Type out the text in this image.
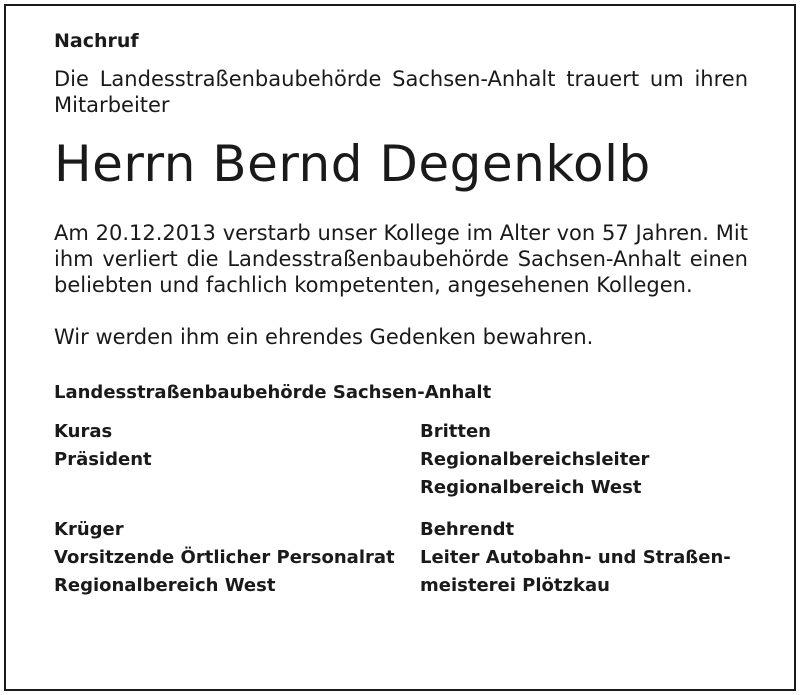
Nachruf

Die Landesstraßenbaubehörde Sachsen-Anhalt trauert um ihren Mitarbeiter

Herrn Bernd Degenkolb

Am 20.12.2013 verstarb unser Kollege im Alter von 57 Jahren. Mit ihm verliert die Landesstraßenbaubehörde Sachsen-Anhalt einen beliebten und fachlich kompetenten, angesehenen Kollegen.

Wir werden ihm ein ehrendes Gedenken bewahren.

Landesstraßenbaubehörde Sachsen-Anhalt
Kuras
Präsident
Britten
Regionalbereichsleiter
Regionalbereich West
Krüger
Vorsitzende Örtlicher Personalrat
Regionalbereich West
Behrendt
Leiter Autobahn- und Straßen-
meisterei Plötzkau
